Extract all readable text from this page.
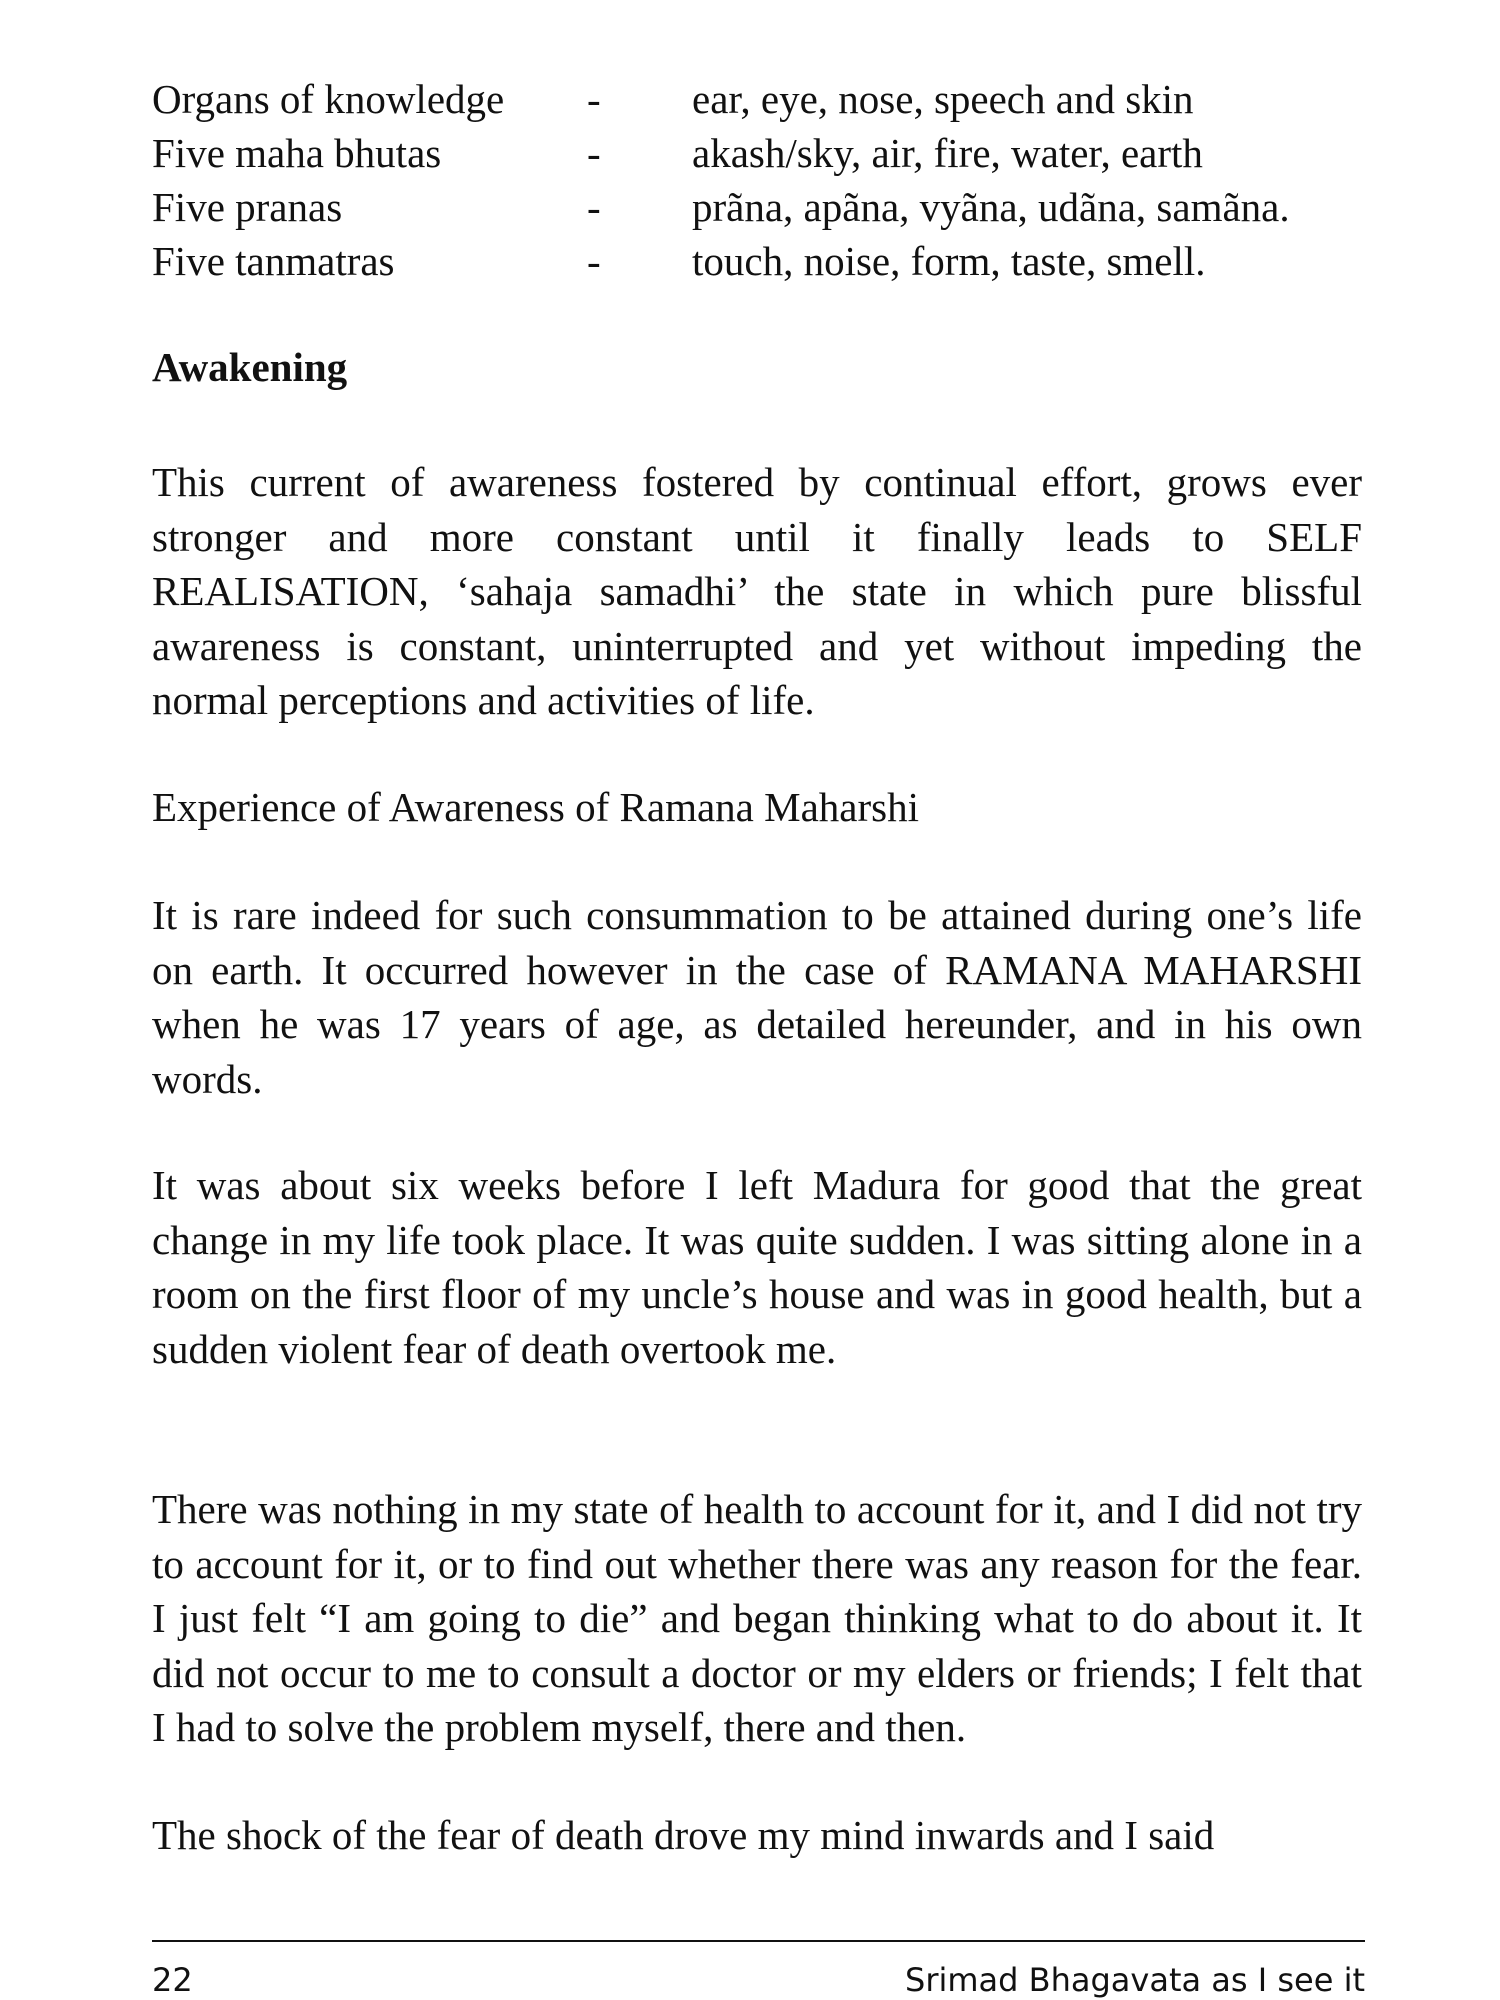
Organs of knowledge	-	ear, eye, nose, speech and skin
Five maha bhutas	-	akash/sky, air, fire, water, earth
Five pranas	-	prãna, apãna, vyãna, udãna, samãna.
Five tanmatras	-	touch, noise, form, taste, smell.
Awakening

This current of awareness fostered by continual effort, grows ever stronger and more constant until it finally leads to SELF REALISATION, ‘sahaja samadhi’ the state in which pure blissful awareness is constant, uninterrupted and yet without impeding the normal perceptions and activities of life.

Experience of Awareness of Ramana Maharshi

It is rare indeed for such consummation to be attained during one’s life on earth. It occurred however in the case of RAMANA MAHARSHI when he was 17 years of age, as detailed hereunder, and in his own words.

It was about six weeks before I left Madura for good that the great change in my life took place. It was quite sudden. I was sitting alone in a room on the first floor of my uncle’s house and was in good health, but a sudden violent fear of death overtook me.

There was nothing in my state of health to account for it, and I did not try to account for it, or to find out whether there was any reason for the fear. I just felt “I am going to die” and began thinking what to do about it. It did not occur to me to consult a doctor or my elders or friends; I felt that I had to solve the problem myself, there and then.

The shock of the fear of death drove my mind inwards and I said

22	Srimad Bhagavata as I see it
